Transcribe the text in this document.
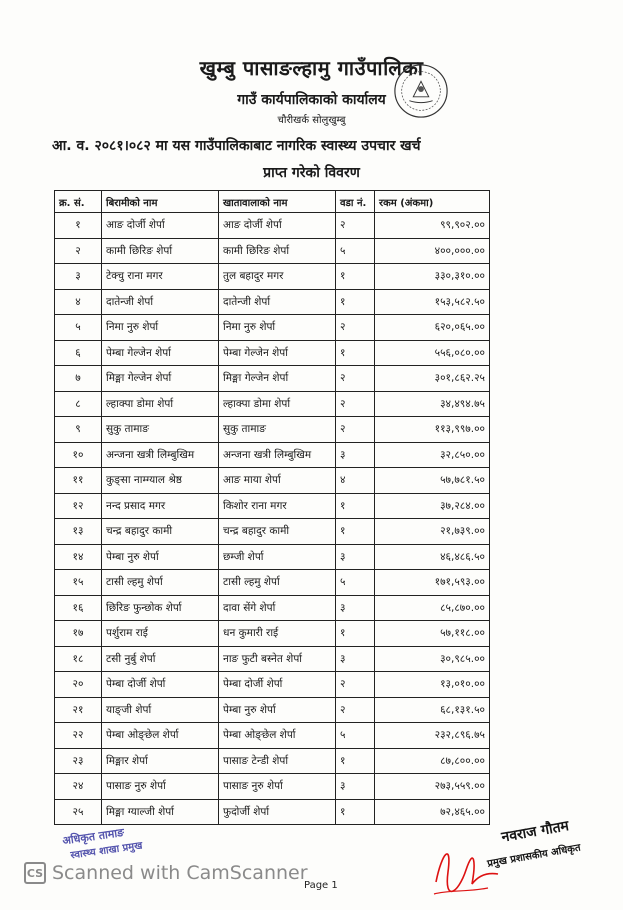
खुम्बु पासाङल्हामु गाउँपालिका
गाउँ कार्यपालिकाको कार्यालय
चौरीखर्क सोलुखुम्बु
आ. व. २०८१।०८२ मा यस गाउँपालिकाबाट नागरिक स्वास्थ्य उपचार खर्च
प्राप्त गरेको विवरण
क्र. सं.	बिरामीको नाम	खातावालाको नाम	वडा नं.	रकम (अंकमा)
१	आङ दोर्जी शेर्पा	आङ दोर्जी शेर्पा	२	९९,९०२.००
२	कामी छिरिङ शेर्पा	कामी छिरिङ शेर्पा	५	४००,०००.००
३	टेक्चु राना मगर	तुल बहादुर मगर	१	३३०,३१०.००
४	दातेन्जी शेर्पा	दातेन्जी शेर्पा	१	१५३,५८२.५०
५	निमा नुरु शेर्पा	निमा नुरु शेर्पा	२	६२०,०६५.००
६	पेम्बा गेल्जेन शेर्पा	पेम्बा गेल्जेन शेर्पा	१	५५६,०८०.००
७	मिङ्मा गेल्जेन शेर्पा	मिङ्मा गेल्जेन शेर्पा	२	३०१,८६२.२५
८	ल्हाक्पा डोमा शेर्पा	ल्हाक्पा डोमा शेर्पा	२	३४,४९४.७५
९	सुकु तामाङ	सुकु तामाङ	२	११३,९९७.००
१०	अन्जना खत्री लिम्बुखिम	अन्जना खत्री लिम्बुखिम	३	३२,८५०.००
११	कुङ्सा नाम्ग्याल श्रेष्ठ	आङ माया शेर्पा	४	५७,७८१.५०
१२	नन्द प्रसाद मगर	किशोर राना मगर	१	३७,२८४.००
१३	चन्द्र बहादुर कामी	चन्द्र बहादुर कामी	१	२१,७३९.००
१४	पेम्बा नुरु शेर्पा	छम्जी शेर्पा	३	४६,४८६.५०
१५	टासी ल्हमु शेर्पा	टासी ल्हमु शेर्पा	५	१७१,५९३.००
१६	छिरिङ फुन्छोक शेर्पा	दावा सेंगे शेर्पा	३	८५,८७०.००
१७	पर्शुराम राई	धन कुमारी राई	१	५७,११८.००
१८	टसी नुर्बु शेर्पा	नाङ फुटी बस्नेत शेर्पा	३	३०,९८५.००
२०	पेम्बा दोर्जी शेर्पा	पेम्बा दोर्जी शेर्पा	२	१३,०१०.००
२१	याङ्जी शेर्पा	पेम्बा नुरु शेर्पा	२	६८,१३१.५०
२२	पेम्बा ओङ्छेल शेर्पा	पेम्बा ओङ्छेल शेर्पा	५	२३२,८९६.७५
२३	मिङ्मार शेर्पा	पासाङ टेन्डी शेर्पा	१	८७,८००.००
२४	पासाङ नुरु शेर्पा	पासाङ नुरु शेर्पा	३	२७३,५५९.००
२५	मिङ्मा ग्याल्जी शेर्पा	फुदोर्जी शेर्पा	१	७२,४६५.००
अधिकृत तामाङ
स्वास्थ्य शाखा प्रमुख
CS Scanned with CamScanner
Page 1
नवराज गौतम
प्रमुख प्रशासकीय अधिकृत
